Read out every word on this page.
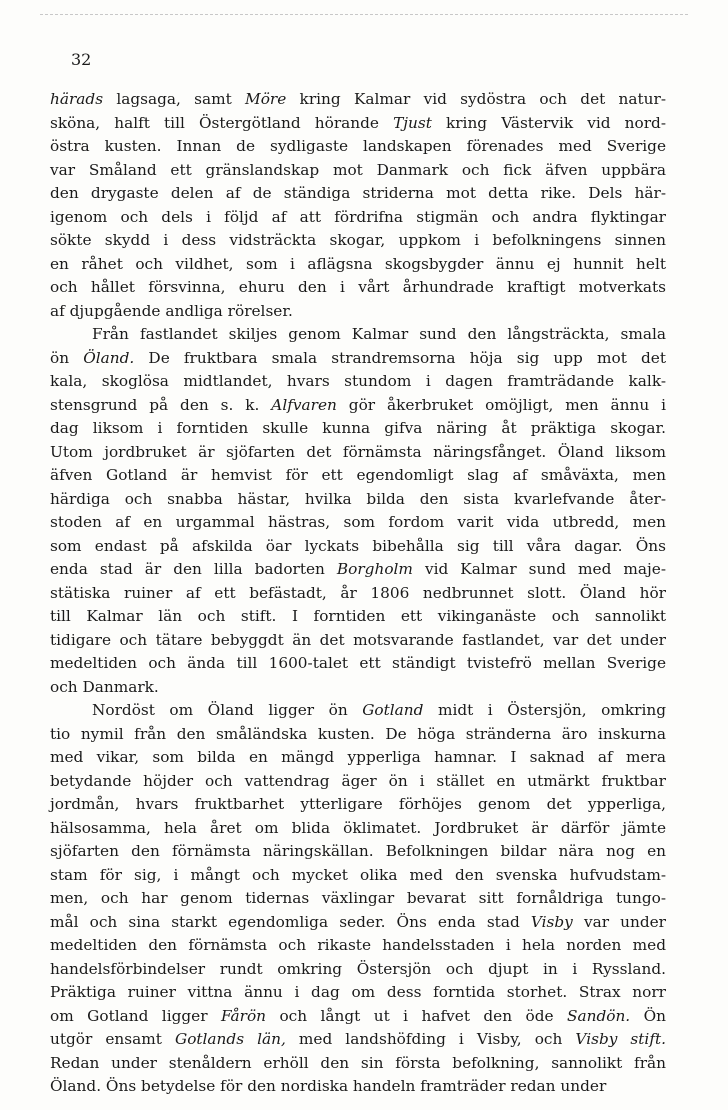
32
härads lagsaga, samt Möre kring Kalmar vid sydöstra och det natur-
sköna, halft till Östergötland hörande Tjust kring Västervik vid nord-
östra kusten. Innan de sydligaste landskapen förenades med Sverige
var Småland ett gränslandskap mot Danmark och fick äfven uppbära
den drygaste delen af de ständiga striderna mot detta rike. Dels här-
igenom och dels i följd af att fördrifna stigmän och andra flyktingar
sökte skydd i dess vidsträckta skogar, uppkom i befolkningens sinnen
en råhet och vildhet, som i aflägsna skogsbygder ännu ej hunnit helt
och hållet försvinna, ehuru den i vårt århundrade kraftigt motverkats
af djupgående andliga rörelser.
Från fastlandet skiljes genom Kalmar sund den långsträckta, smala
ön Öland. De fruktbara smala strandremsorna höja sig upp mot det
kala, skoglösa midtlandet, hvars stundom i dagen framträdande kalk-
stensgrund på den s. k. Alfvaren gör åkerbruket omöjligt, men ännu i
dag liksom i forntiden skulle kunna gifva näring åt präktiga skogar.
Utom jordbruket är sjöfarten det förnämsta näringsfånget. Öland liksom
äfven Gotland är hemvist för ett egendomligt slag af småväxta, men
härdiga och snabba hästar, hvilka bilda den sista kvarlefvande åter-
stoden af en urgammal hästras, som fordom varit vida utbredd, men
som endast på afskilda öar lyckats bibehålla sig till våra dagar. Öns
enda stad är den lilla badorten Borgholm vid Kalmar sund med maje-
stätiska ruiner af ett befästadt, år 1806 nedbrunnet slott. Öland hör
till Kalmar län och stift. I forntiden ett vikinganäste och sannolikt
tidigare och tätare bebyggdt än det motsvarande fastlandet, var det under
medeltiden och ända till 1600-talet ett ständigt tvistefrö mellan Sverige
och Danmark.
Nordöst om Öland ligger ön Gotland midt i Östersjön, omkring
tio nymil från den småländska kusten. De höga stränderna äro inskurna
med vikar, som bilda en mängd ypperliga hamnar. I saknad af mera
betydande höjder och vattendrag äger ön i stället en utmärkt fruktbar
jordmån, hvars fruktbarhet ytterligare förhöjes genom det ypperliga,
hälsosamma, hela året om blida öklimatet. Jordbruket är därför jämte
sjöfarten den förnämsta näringskällan. Befolkningen bildar nära nog en
stam för sig, i mångt och mycket olika med den svenska hufvudstam-
men, och har genom tidernas växlingar bevarat sitt fornåldriga tungo-
mål och sina starkt egendomliga seder. Öns enda stad Visby var under
medeltiden den förnämsta och rikaste handelsstaden i hela norden med
handelsförbindelser rundt omkring Östersjön och djupt in i Ryssland.
Präktiga ruiner vittna ännu i dag om dess forntida storhet. Strax norr
om Gotland ligger Fårön och långt ut i hafvet den öde Sandön. Ön
utgör ensamt Gotlands län, med landshöfding i Visby, och Visby stift.
Redan under stenåldern erhöll den sin första befolkning, sannolikt från
Öland. Öns betydelse för den nordiska handeln framträder redan under
